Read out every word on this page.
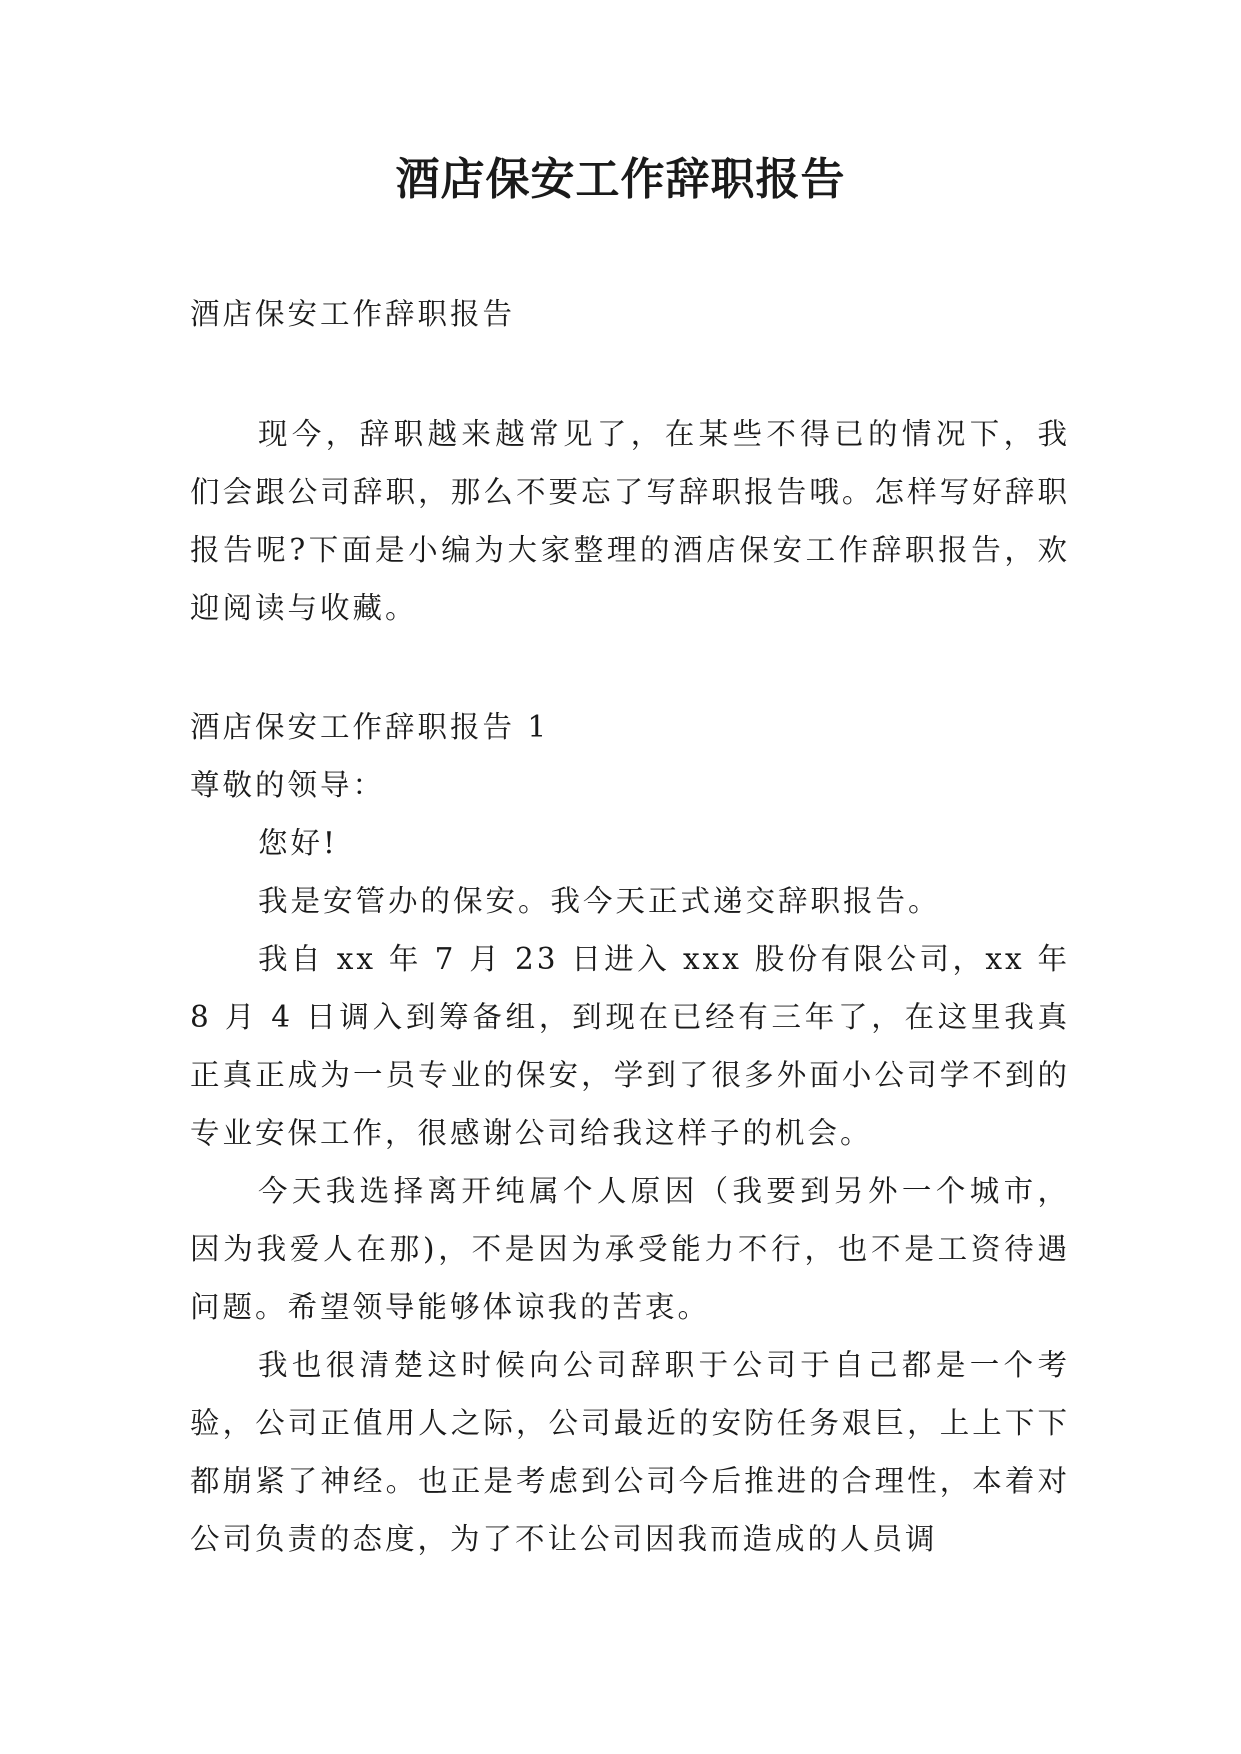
酒店保安工作辞职报告

酒店保安工作辞职报告

现今，辞职越来越常见了，在某些不得已的情况下，我们会跟公司辞职，那么不要忘了写辞职报告哦。怎样写好辞职报告呢?下面是小编为大家整理的酒店保安工作辞职报告，欢迎阅读与收藏。

酒店保安工作辞职报告 1

尊敬的领导：

您好!

我是安管办的保安。我今天正式递交辞职报告。

我自 xx 年 7 月 23 日进入 xxx 股份有限公司，xx 年 8 月 4 日调入到筹备组，到现在已经有三年了，在这里我真正真正成为一员专业的保安，学到了很多外面小公司学不到的专业安保工作，很感谢公司给我这样子的机会。

今天我选择离开纯属个人原因（我要到另外一个城市，因为我爱人在那)，不是因为承受能力不行，也不是工资待遇问题。希望领导能够体谅我的苦衷。

我也很清楚这时候向公司辞职于公司于自己都是一个考验，公司正值用人之际，公司最近的安防任务艰巨，上上下下都崩紧了神经。也正是考虑到公司今后推进的合理性，本着对公司负责的态度，为了不让公司因我而造成的人员调
